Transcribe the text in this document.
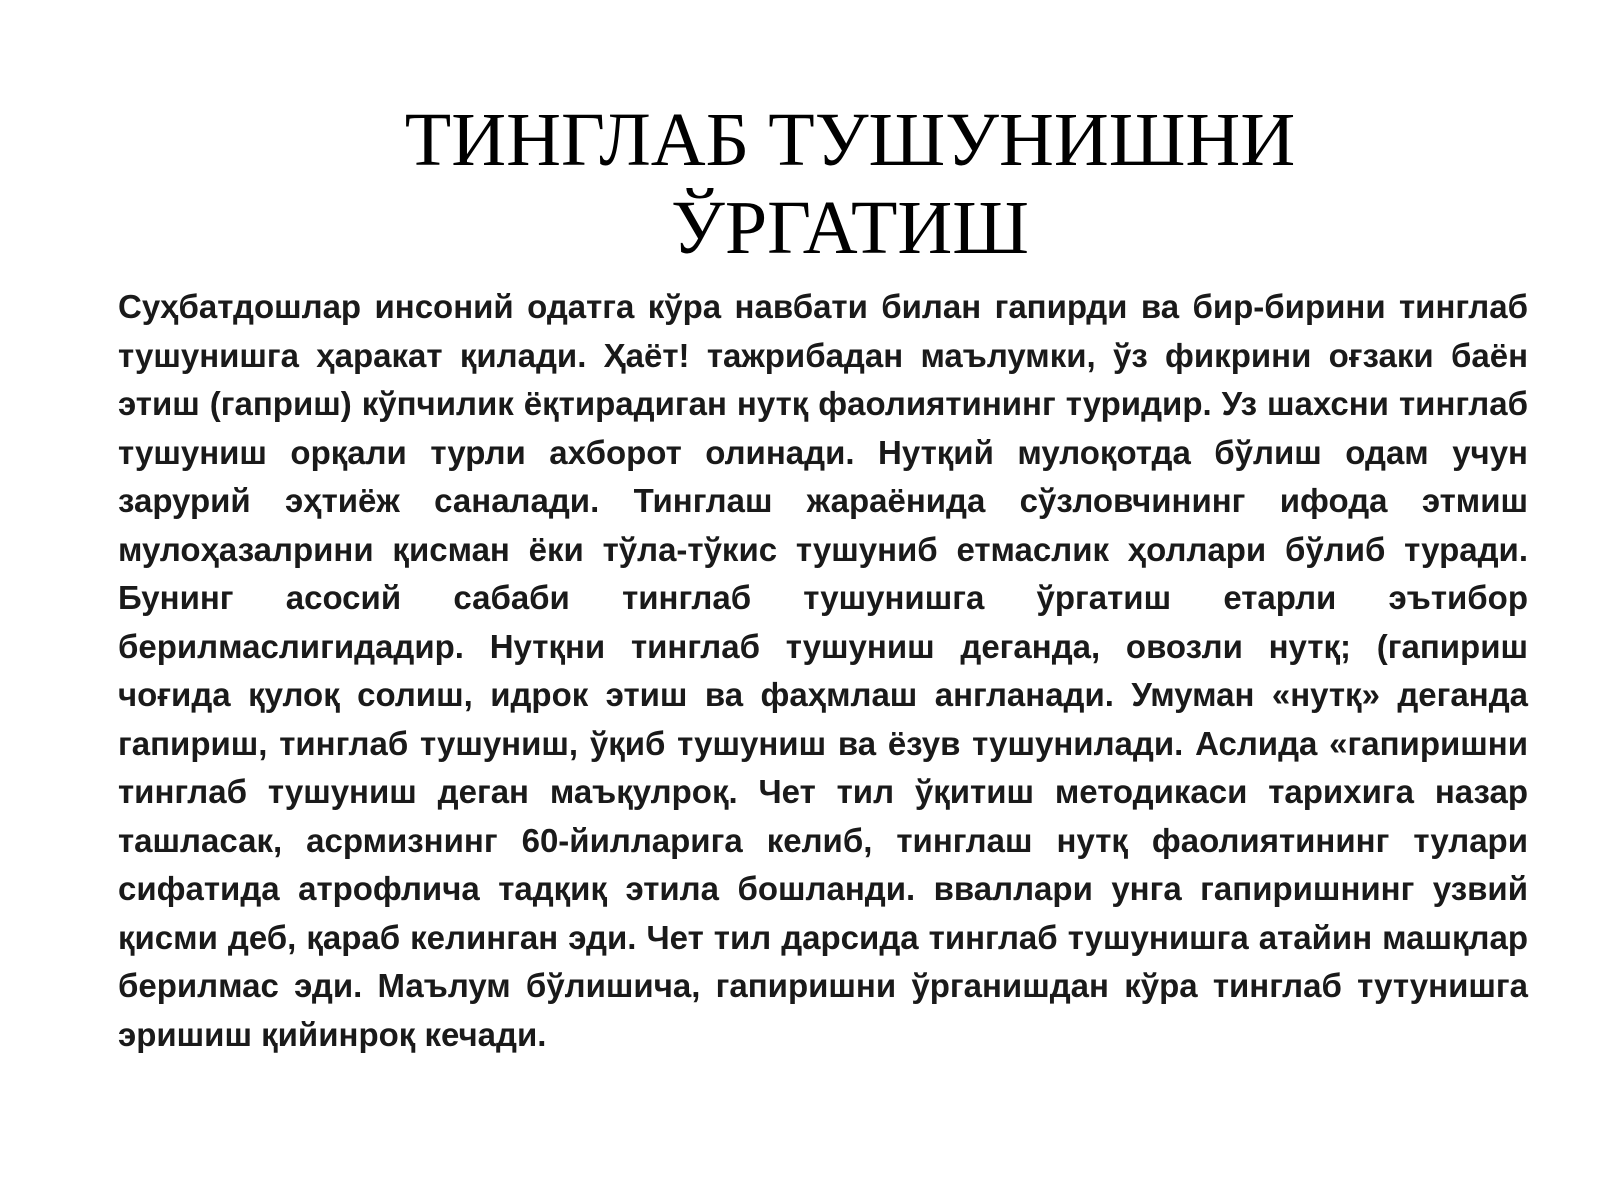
ТИНГЛАБ ТУШУНИШНИ ЎРГАТИШ

Суҳбатдошлар инсоний одатга кўра навбати билан гапирди ва бир-бирини тинглаб тушунишга ҳаракат қилади. Ҳаёт! тажрибадан маълумки, ўз фикрини оғзаки баён этиш (гаприш) кўпчилик ёқтирадиган нутқ фаолиятининг туридир. Уз шахсни тинглаб тушуниш орқали турли ахборот олинади. Нутқий мулоқотда бўлиш одам учун зарурий эҳтиёж саналади. Тинглаш жараёнида сўзловчининг ифода этмиш мулоҳазалрини қисман ёки тўла-тўкис тушуниб етмаслик ҳоллари бўлиб туради. Бунинг асосий сабаби тинглаб тушунишга ўргатиш етарли эътибор берилмаслигидадир. Нутқни тинглаб тушуниш деганда, овозли нутқ; (гапириш чоғида қулоқ солиш, идрок этиш ва фаҳмлаш англанади. Умуман «нутқ» деганда гапириш, тинглаб тушуниш, ўқиб тушуниш ва ёзув тушунилади. Аслида «гапиришни тинглаб тушуниш деган маъқулроқ. Чет тил ўқитиш методикаси тарихига назар ташласак, асрмизнинг 60-йилларига келиб, тинглаш нутқ фаолиятининг тулари сифатида атрофлича тадқиқ этила бошланди. вваллари унга гапиришнинг узвий қисми деб, қараб келинган эди. Чет тил дарсида тинглаб тушунишга атайин машқлар берилмас эди. Маълум бўлишича, гапиришни ўрганишдан кўра тинглаб тутунишга эришиш қийинроқ кечади.
